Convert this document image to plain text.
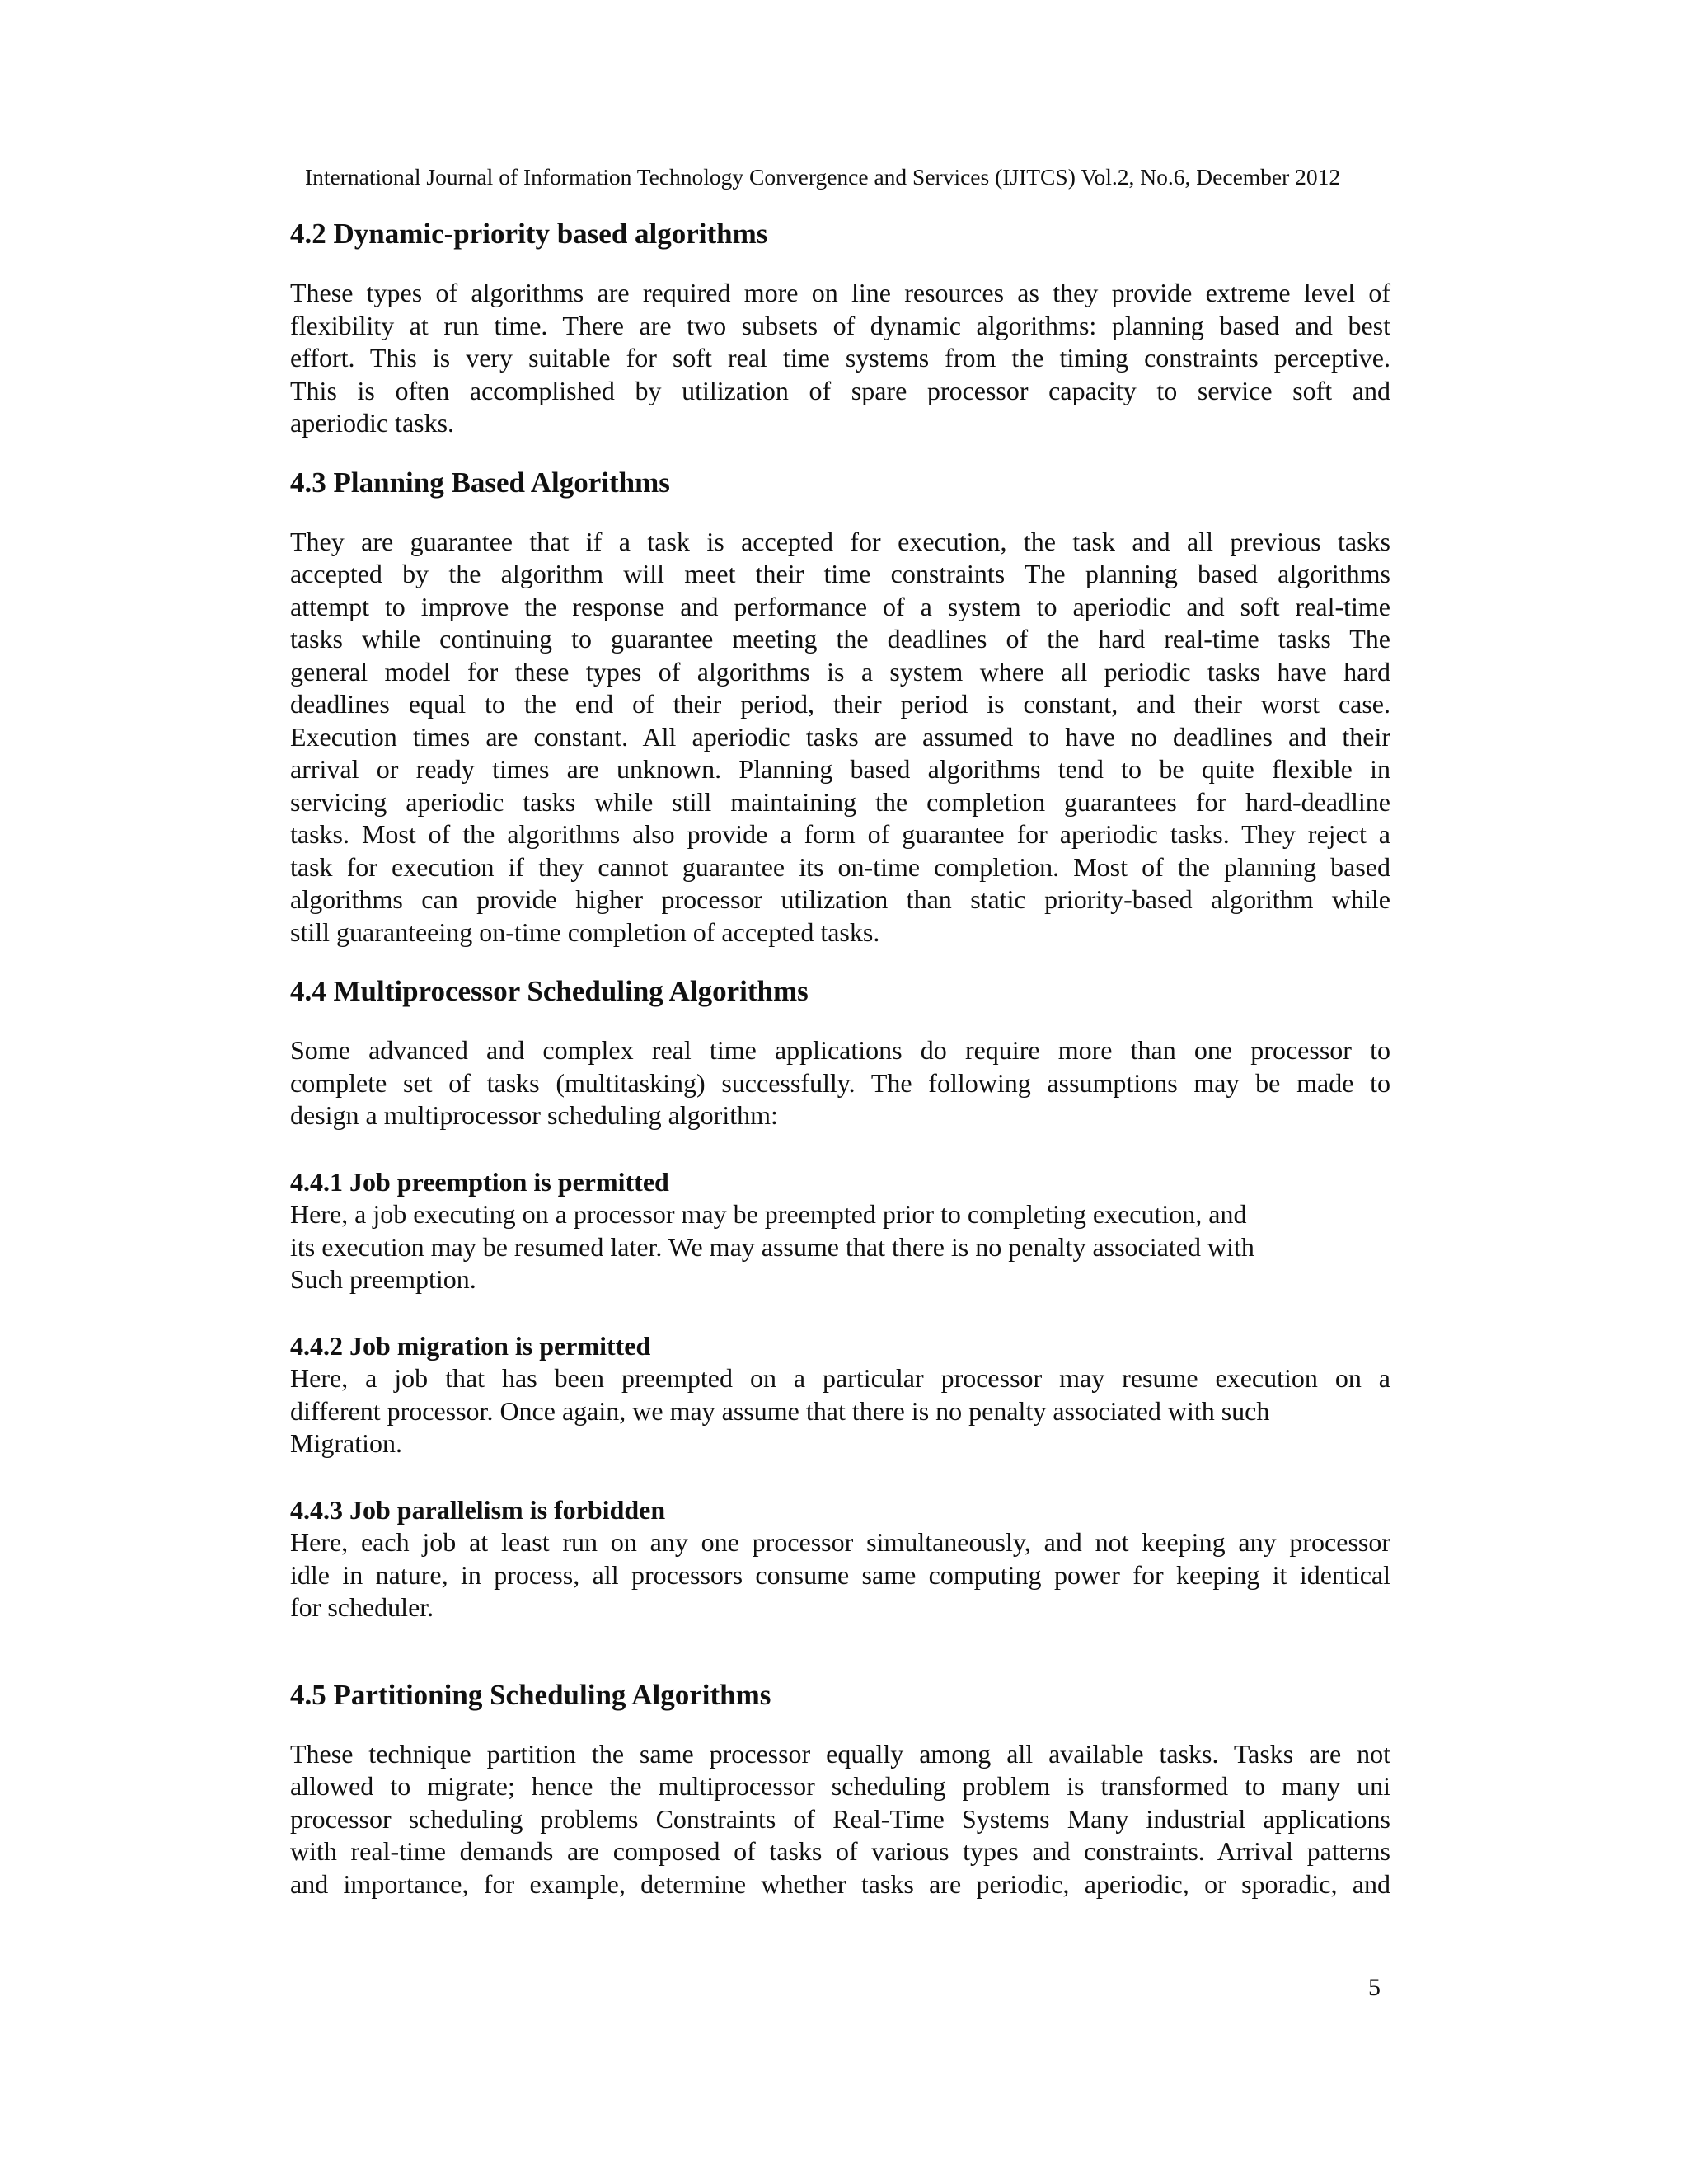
International Journal of Information Technology Convergence and Services (IJITCS) Vol.2, No.6, December 2012
4.2 Dynamic-priority based algorithms

These types of algorithms are required more on line resources as they provide extreme level of
flexibility at run time. There are two subsets of dynamic algorithms: planning based and best
effort. This is very suitable for soft real time systems from the timing constraints perceptive.
This is often accomplished by utilization of spare processor capacity to service soft and
aperiodic tasks.

4.3 Planning Based Algorithms

They are guarantee that if a task is accepted for execution, the task and all previous tasks
accepted by the algorithm will meet their time constraints The planning based algorithms
attempt to improve the response and performance of a system to aperiodic and soft real-time
tasks while continuing to guarantee meeting the deadlines of the hard real-time tasks The
general model for these types of algorithms is a system where all periodic tasks have hard
deadlines equal to the end of their period, their period is constant, and their worst case.
Execution times are constant. All aperiodic tasks are assumed to have no deadlines and their
arrival or ready times are unknown. Planning based algorithms tend to be quite flexible in
servicing aperiodic tasks while still maintaining the completion guarantees for hard-deadline
tasks. Most of the algorithms also provide a form of guarantee for aperiodic tasks. They reject a
task for execution if they cannot guarantee its on-time completion. Most of the planning based
algorithms can provide higher processor utilization than static priority-based algorithm while
still guaranteeing on-time completion of accepted tasks.

4.4 Multiprocessor Scheduling Algorithms

Some advanced and complex real time applications do require more than one processor to
complete set of tasks (multitasking) successfully. The following assumptions may be made to
design a multiprocessor scheduling algorithm:

4.4.1 Job preemption is permitted

Here, a job executing on a processor may be preempted prior to completing execution, and
its execution may be resumed later. We may assume that there is no penalty associated with
Such preemption.

4.4.2 Job migration is permitted

Here, a job that has been preempted on a particular processor may resume execution on a
different processor. Once again, we may assume that there is no penalty associated with such
Migration.

4.4.3 Job parallelism is forbidden

Here, each job at least run on any one processor simultaneously, and not keeping any processor
idle in nature, in process, all processors consume same computing power for keeping it identical
for scheduler.

4.5 Partitioning Scheduling Algorithms

These technique partition the same processor equally among all available tasks. Tasks are not
allowed to migrate; hence the multiprocessor scheduling problem is transformed to many uni
processor scheduling problems Constraints of Real-Time Systems Many industrial applications
with real-time demands are composed of tasks of various types and constraints. Arrival patterns
and importance, for example, determine whether tasks are periodic, aperiodic, or sporadic, and

5
